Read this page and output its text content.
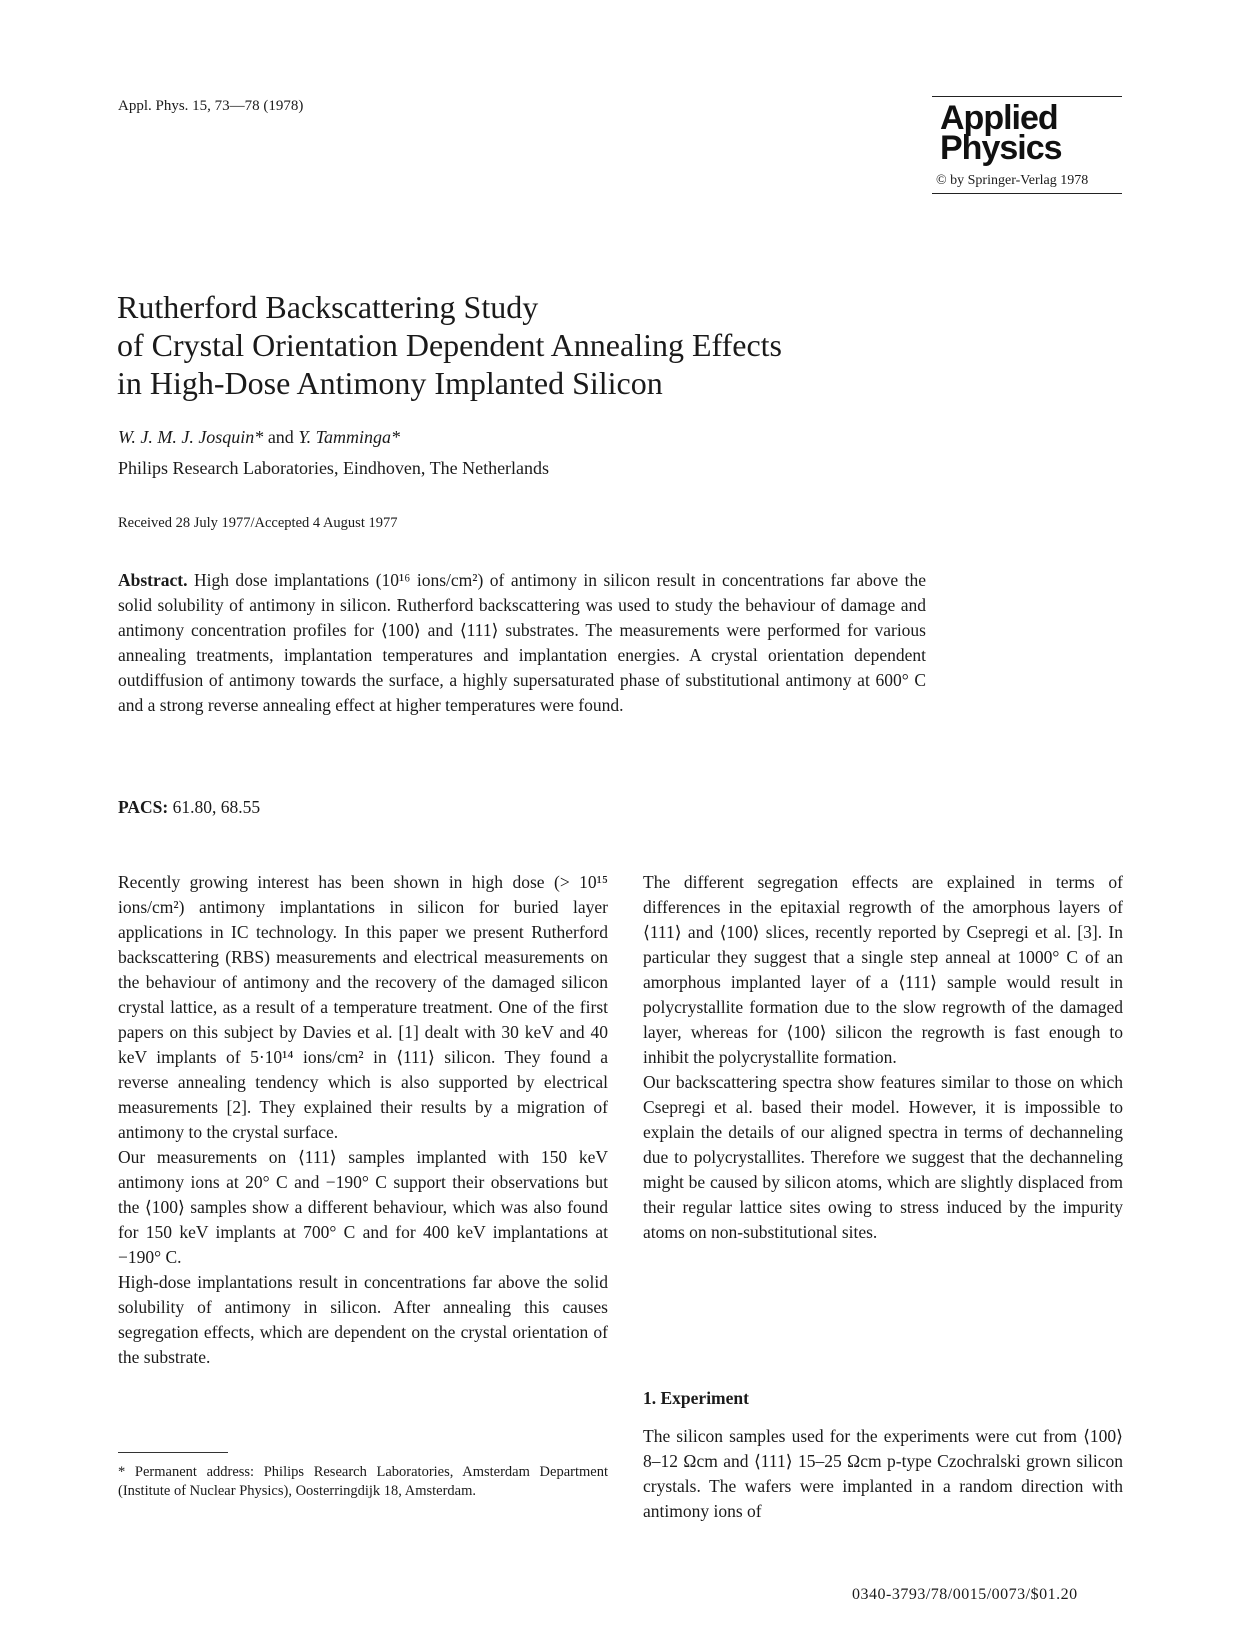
Appl. Phys. 15, 73—78 (1978)	Applied
Physics
© by Springer-Verlag 1978
Rutherford Backscattering Study
of Crystal Orientation Dependent Annealing Effects
in High-Dose Antimony Implanted Silicon
W. J. M. J. Josquin* and Y. Tamminga*
Philips Research Laboratories, Eindhoven, The Netherlands
Received 28 July 1977/Accepted 4 August 1977
Abstract. High dose implantations (10¹⁶ ions/cm²) of antimony in silicon result in concentrations far above the solid solubility of antimony in silicon. Rutherford backscattering was used to study the behaviour of damage and antimony concentration profiles for ⟨100⟩ and ⟨111⟩ substrates. The measurements were performed for various annealing treatments, implantation temperatures and implantation energies. A crystal orientation dependent outdiffusion of antimony towards the surface, a highly supersaturated phase of substitutional antimony at 600° C and a strong reverse annealing effect at higher temperatures were found.
PACS: 61.80, 68.55

Recently growing interest has been shown in high dose (> 10¹⁵ ions/cm²) antimony implantations in silicon for buried layer applications in IC technology. In this paper we present Rutherford backscattering (RBS) measurements and electrical measurements on the behaviour of antimony and the recovery of the damaged silicon crystal lattice, as a result of a temperature treatment. One of the first papers on this subject by Davies et al. [1] dealt with 30 keV and 40 keV implants of 5·10¹⁴ ions/cm² in ⟨111⟩ silicon. They found a reverse annealing tendency which is also supported by electrical measurements [2]. They explained their results by a migration of antimony to the crystal surface.

Our measurements on ⟨111⟩ samples implanted with 150 keV antimony ions at 20° C and −190° C support their observations but the ⟨100⟩ samples show a different behaviour, which was also found for 150 keV implants at 700° C and for 400 keV implantations at −190° C.

High-dose implantations result in concentrations far above the solid solubility of antimony in silicon. After annealing this causes segregation effects, which are dependent on the crystal orientation of the substrate.

* Permanent address: Philips Research Laboratories, Amsterdam Department (Institute of Nuclear Physics), Oosterringdijk 18, Amsterdam.

The different segregation effects are explained in terms of differences in the epitaxial regrowth of the amorphous layers of ⟨111⟩ and ⟨100⟩ slices, recently reported by Csepregi et al. [3]. In particular they suggest that a single step anneal at 1000° C of an amorphous implanted layer of a ⟨111⟩ sample would result in polycrystallite formation due to the slow regrowth of the damaged layer, whereas for ⟨100⟩ silicon the regrowth is fast enough to inhibit the polycrystallite formation.

Our backscattering spectra show features similar to those on which Csepregi et al. based their model. However, it is impossible to explain the details of our aligned spectra in terms of dechanneling due to polycrystallites. Therefore we suggest that the dechanneling might be caused by silicon atoms, which are slightly displaced from their regular lattice sites owing to stress induced by the impurity atoms on non-substitutional sites.

1. Experiment
The silicon samples used for the experiments were cut from ⟨100⟩ 8–12 Ωcm and ⟨111⟩ 15–25 Ωcm p-type Czochralski grown silicon crystals. The wafers were implanted in a random direction with antimony ions of
0340-3793/78/0015/0073/$01.20
